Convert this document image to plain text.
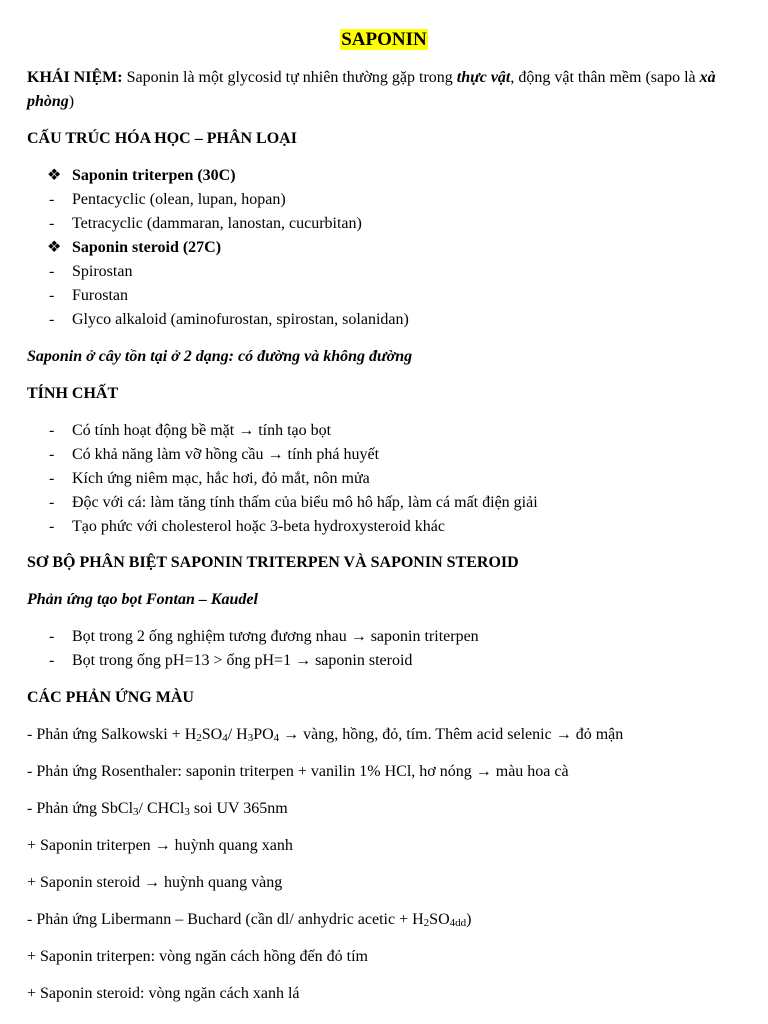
SAPONIN
KHÁI NIỆM: Saponin là một glycosid tự nhiên thường gặp trong thực vật, động vật thân mềm (sapo là xà phòng)
CẤU TRÚC HÓA HỌC – PHÂN LOẠI
❖ Saponin triterpen (30C)
-	Pentacyclic (olean, lupan, hopan)
-	Tetracyclic (dammaran, lanostan, cucurbitan)
❖ Saponin steroid (27C)
-	Spirostan
-	Furostan
-	Glyco alkaloid (aminofurostan, spirostan, solanidan)
Saponin ở cây tồn tại ở 2 dạng: có đường và không đường
TÍNH CHẤT
-	Có tính hoạt động bề mặt → tính tạo bọt
-	Có khả năng làm vỡ hồng cầu → tính phá huyết
-	Kích ứng niêm mạc, hắc hơi, đỏ mắt, nôn mửa
-	Độc với cá: làm tăng tính thấm của biểu mô hô hấp, làm cá mất điện giải
-	Tạo phức với cholesterol hoặc 3-beta hydroxysteroid khác
SƠ BỘ PHÂN BIỆT SAPONIN TRITERPEN VÀ SAPONIN STEROID
Phản ứng tạo bọt Fontan – Kaudel
-	Bọt trong 2 ống nghiệm tương đương nhau → saponin triterpen
-	Bọt trong ống pH=13 > ống pH=1 → saponin steroid
CÁC PHẢN ỨNG MÀU
- Phản ứng Salkowski + $H_2SO_4/$ $H_3PO_4$ → vàng, hồng, đỏ, tím. Thêm acid selenic → đỏ mận
- Phản ứng Rosenthaler: saponin triterpen + vanilin 1% HCl, hơ nóng → màu hoa cà
- Phản ứng SbCl$_3$/ CHCl$_3$ soi UV 365nm
+ Saponin triterpen → huỳnh quang xanh
+ Saponin steroid → huỳnh quang vàng
- Phản ứng Libermann – Buchard (cần dl/ anhydric acetic + $H_2SO_{4dd}$)
+ Saponin triterpen: vòng ngăn cách hồng đến đỏ tím
+ Saponin steroid: vòng ngăn cách xanh lá
